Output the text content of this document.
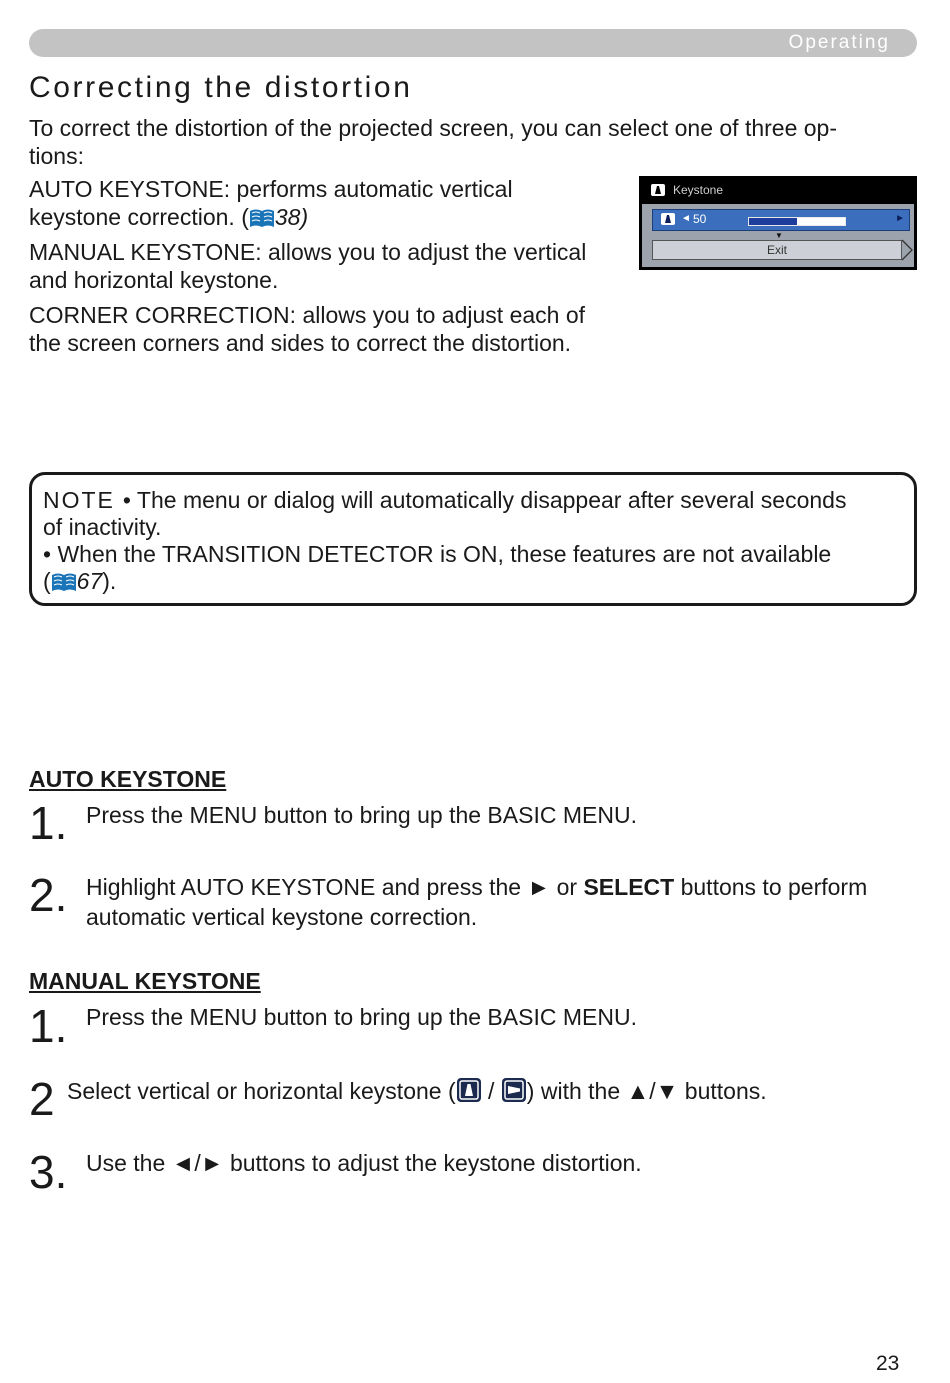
Operating
Correcting the distortion

To correct the distortion of the projected screen, you can select one of three op-

tions:

AUTO KEYSTONE: performs automatic vertical

keystone correction. ( 38)

MANUAL KEYSTONE: allows you to adjust the vertical

and horizontal keystone.

CORNER CORRECTION: allows you to adjust each of

the screen corners and sides to correct the distortion.

Keystone
◄ 50	►
▼
Exit

NOTE • The menu or dialog will automatically disappear after several seconds
of inactivity.
• When the TRANSITION DETECTOR is ON, these features are not available
( 67).

AUTO KEYSTONE
1. Press the MENU button to bring up the BASIC MENU.

2. Highlight AUTO KEYSTONE and press the ► or SELECT buttons to perform
automatic vertical keystone correction.

MANUAL KEYSTONE
1. Press the MENU button to bring up the BASIC MENU.

2 Select vertical or horizontal keystone ( / ) with the ▲/▼ buttons.

3. Use the ◄/► buttons to adjust the keystone distortion.

23
